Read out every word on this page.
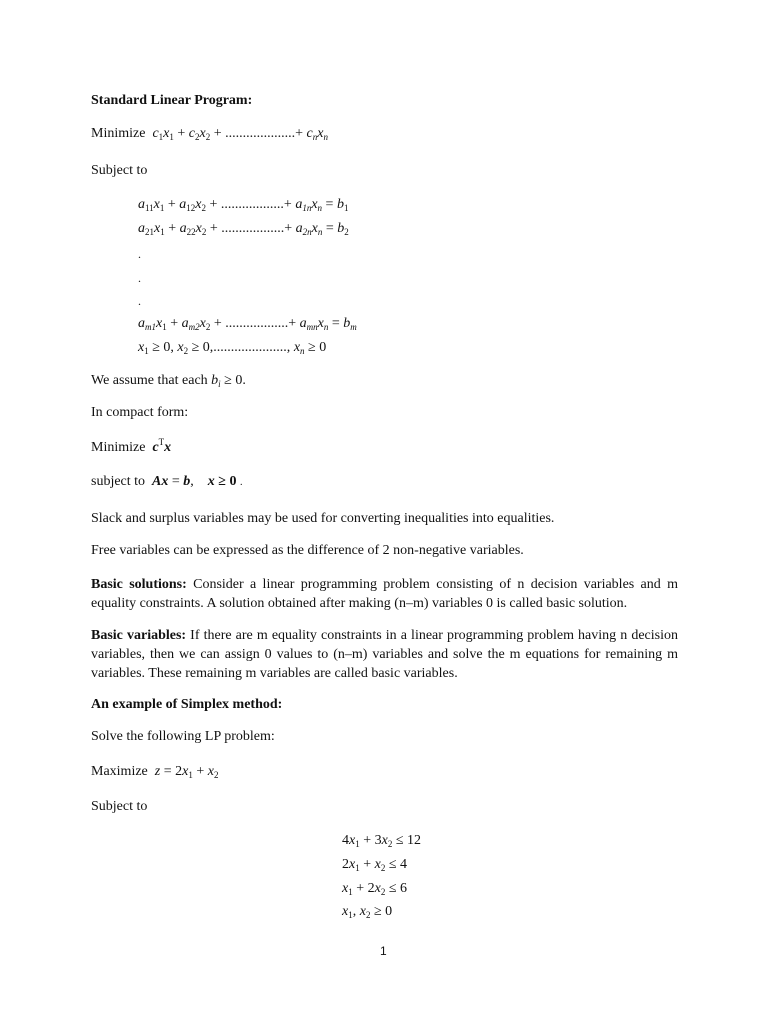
Standard Linear Program:
Minimize  $c_1x_1 + c_2x_2$ + ....................+ $c_nx_n$
Subject to
$a_{11}x_1 + a_{12}x_2$ + ..................+ $a_{1n}x_n = b_1$
$a_{21}x_1 + a_{22}x_2$ + ..................+ $a_{2n}x_n = b_2$
.
.
.
$a_{m1}x_1 + a_{m2}x_2$ + ..................+ $a_{mn}x_n = b_m$
$x_1 \ge 0$, $x_2 \ge 0$,....................., $x_n \ge 0$
We assume that each $b_i \ge 0$.
In compact form:
Minimize  $c^Tx$
subject to Ax = b,    x ≥ 0 .
Slack and surplus variables may be used for converting inequalities into equalities.
Free variables can be expressed as the difference of 2 non-negative variables.
Basic solutions: Consider a linear programming problem consisting of n decision variables and m equality constraints. A solution obtained after making (n–m) variables 0 is called basic solution.
Basic variables: If there are m equality constraints in a linear programming problem having n decision variables, then we can assign 0 values to (n–m) variables and solve the m equations for remaining m variables. These remaining m variables are called basic variables.
An example of Simplex method:
Solve the following LP problem:
Maximize  $z = 2x_1 + x_2$
Subject to
$4x_1 + 3x_2 \le 12$
$2x_1 + x_2 \le 4$
$x_1 + 2x_2 \le 6$
$x_1$, $x_2 \ge 0$
1
